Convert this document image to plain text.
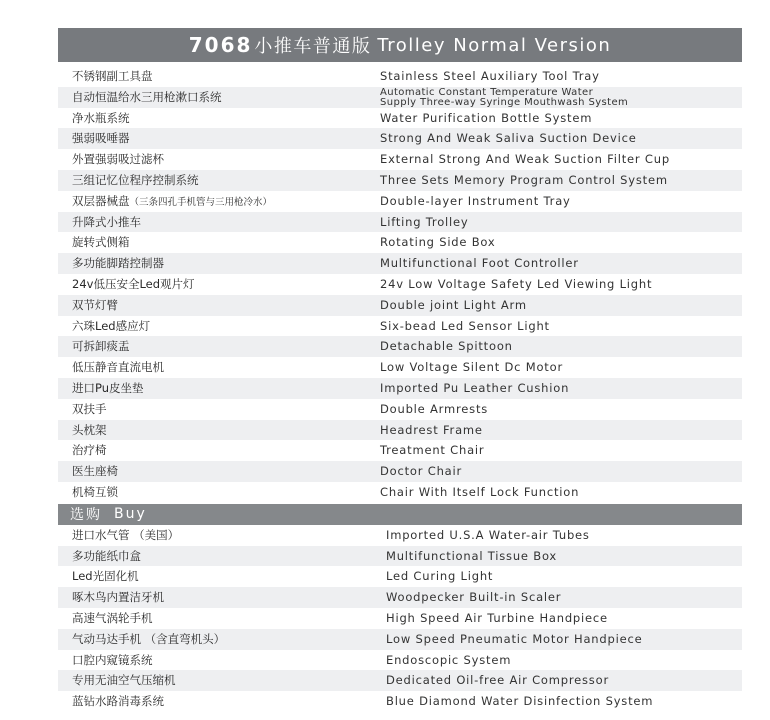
7068 小推车普通版 Trolley Normal Version
不锈钢副工具盘	Stainless Steel Auxiliary Tool Tray
自动恒温给水三用枪漱口系统	Automatic Constant Temperature Water
Supply Three-way Syringe Mouthwash System
净水瓶系统	Water Purification Bottle System
强弱吸唾器	Strong And Weak Saliva Suction Device
外置强弱吸过滤杯	External Strong And Weak Suction Filter Cup
三组记忆位程序控制系统	Three Sets Memory Program Control System
双层器械盘（三条四孔手机管与三用枪冷水）	Double-layer Instrument Tray
升降式小推车	Lifting Trolley
旋转式侧箱	Rotating Side Box
多功能脚踏控制器	Multifunctional Foot Controller
24v低压安全Led观片灯	24v Low Voltage Safety Led Viewing Light
双节灯臂	Double joint Light Arm
六珠Led感应灯	Six-bead Led Sensor Light
可拆卸痰盂	Detachable Spittoon
低压静音直流电机	Low Voltage Silent Dc Motor
进口Pu皮坐垫	Imported Pu Leather Cushion
双扶手	Double Armrests
头枕架	Headrest Frame
治疗椅	Treatment Chair
医生座椅	Doctor Chair
机椅互锁	Chair With Itself Lock Function
选购 Buy
进口水气管 （美国）	Imported U.S.A Water-air Tubes
多功能纸巾盒	Multifunctional Tissue Box
Led光固化机	Led Curing Light
啄木鸟内置洁牙机	Woodpecker Built-in Scaler
高速气涡轮手机	High Speed Air Turbine Handpiece
气动马达手机 （含直弯机头）	Low Speed Pneumatic Motor Handpiece
口腔内窥镜系统	Endoscopic System
专用无油空气压缩机	Dedicated Oil-free Air Compressor
蓝钻水路消毒系统	Blue Diamond Water Disinfection System
